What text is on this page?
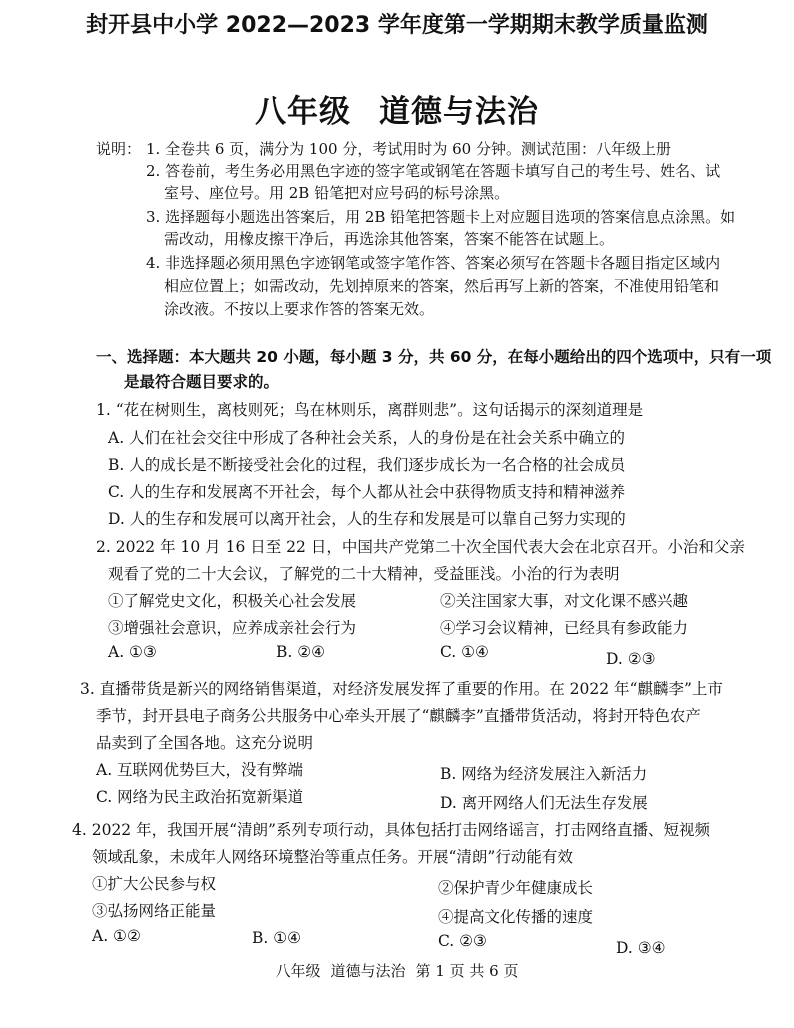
封开县中小学 2022—2023 学年度第一学期期末教学质量监测
八年级 道德与法治
说明： 1. 全卷共 6 页，满分为 100 分，考试用时为 60 分钟。测试范围：八年级上册
2. 答卷前，考生务必用黑色字迹的签字笔或钢笔在答题卡填写自己的考生号、姓名、试
室号、座位号。用 2B 铅笔把对应号码的标号涂黑。
3. 选择题每小题选出答案后，用 2B 铅笔把答题卡上对应题目选项的答案信息点涂黑。如
需改动，用橡皮擦干净后，再选涂其他答案，答案不能答在试题上。
4. 非选择题必须用黑色字迹钢笔或签字笔作答、答案必须写在答题卡各题目指定区域内
相应位置上；如需改动，先划掉原来的答案，然后再写上新的答案，不准使用铅笔和
涂改液。不按以上要求作答的答案无效。
一、选择题：本大题共 20 小题，每小题 3 分，共 60 分，在每小题给出的四个选项中，只有一项
是最符合题目要求的。
1. “花在树则生，离枝则死；鸟在林则乐，离群则悲”。这句话揭示的深刻道理是
A. 人们在社会交往中形成了各种社会关系，人的身份是在社会关系中确立的
B. 人的成长是不断接受社会化的过程，我们逐步成长为一名合格的社会成员
C. 人的生存和发展离不开社会，每个人都从社会中获得物质支持和精神滋养
D. 人的生存和发展可以离开社会，人的生存和发展是可以靠自己努力实现的
2. 2022 年 10 月 16 日至 22 日，中国共产党第二十次全国代表大会在北京召开。小治和父亲
观看了党的二十大会议，了解党的二十大精神，受益匪浅。小治的行为表明
①了解党史文化，积极关心社会发展	②关注国家大事，对文化课不感兴趣
③增强社会意识，应养成亲社会行为	④学习会议精神，已经具有参政能力
A. ①③	B. ②④	C. ①④	D. ②③
3. 直播带货是新兴的网络销售渠道，对经济发展发挥了重要的作用。在 2022 年“麒麟李”上市
季节，封开县电子商务公共服务中心牵头开展了“麒麟李”直播带货活动，将封开特色农产
品卖到了全国各地。这充分说明
A. 互联网优势巨大，没有弊端	B. 网络为经济发展注入新活力
C. 网络为民主政治拓宽新渠道	D. 离开网络人们无法生存发展
4. 2022 年，我国开展“清朗”系列专项行动，具体包括打击网络谣言，打击网络直播、短视频
领域乱象，未成年人网络环境整治等重点任务。开展“清朗”行动能有效
①扩大公民参与权	②保护青少年健康成长
③弘扬网络正能量	④提高文化传播的速度
A. ①②	B. ①④	C. ②③	D. ③④
八年级 道德与法治 第 1 页 共 6 页
